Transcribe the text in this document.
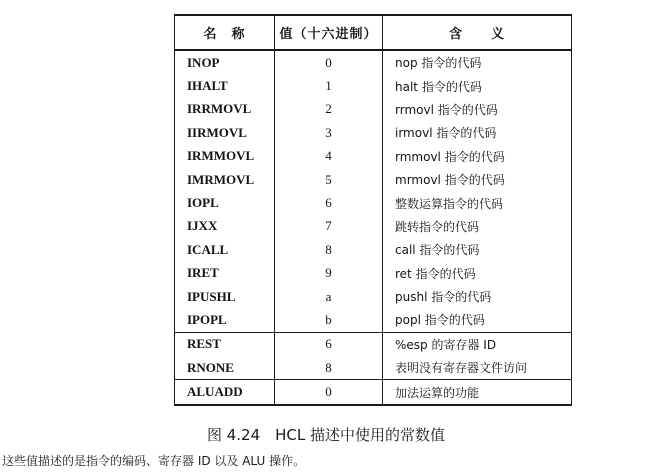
名　称	值（十六进制）	含　　义
INOP	0	nop 指令的代码
IHALT	1	halt 指令的代码
IRRMOVL	2	rrmovl 指令的代码
IIRMOVL	3	irmovl 指令的代码
IRMMOVL	4	rmmovl 指令的代码
IMRMOVL	5	mrmovl 指令的代码
IOPL	6	整数运算指令的代码
IJXX	7	跳转指令的代码
ICALL	8	call 指令的代码
IRET	9	ret 指令的代码
IPUSHL	a	pushl 指令的代码
IPOPL	b	popl 指令的代码
REST	6	%esp 的寄存器 ID
RNONE	8	表明没有寄存器文件访问
ALUADD	0	加法运算的功能
图 4.24　HCL 描述中使用的常数值
这些值描述的是指令的编码、寄存器 ID 以及 ALU 操作。
